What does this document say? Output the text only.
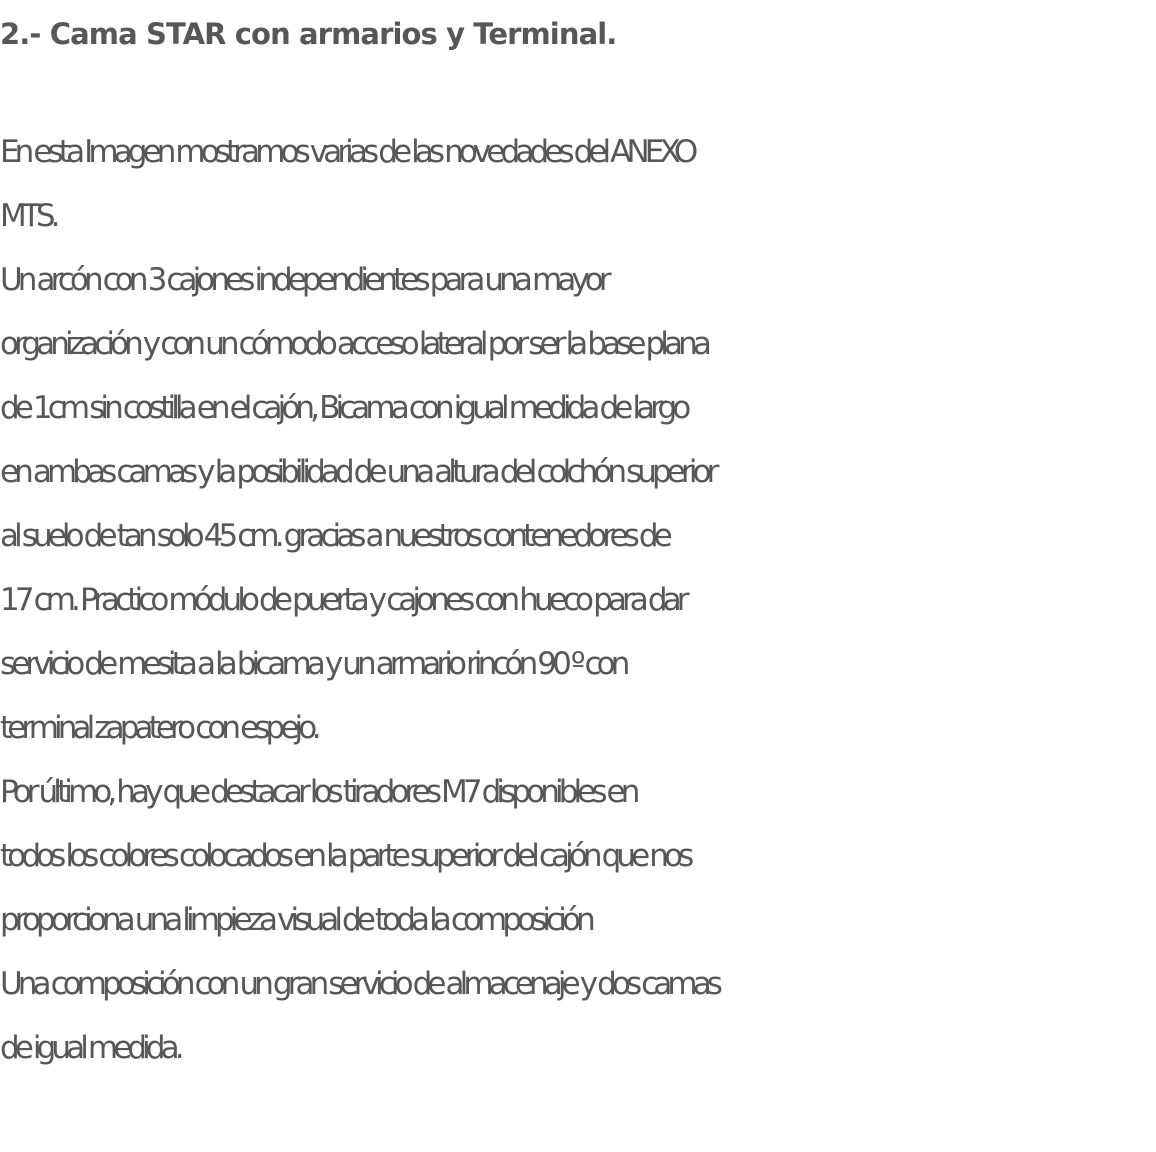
2.- Cama STAR con armarios y Terminal.
En esta Imagen mostramos varias de las novedades del ANEXO
MTS.
Un arcón con 3 cajones independientes para una mayor
organización y con un cómodo acceso lateral por ser la base plana
de 1cm sin costilla en el cajón, Bicama con igual medida de largo
en ambas camas y la posibilidad de una altura del colchón superior
al suelo de tan solo 45 cm. gracias a nuestros contenedores de
17 cm. Practico módulo de puerta y cajones con hueco para dar
servicio de mesita a la bicama y un armario rincón 90 º con
terminal zapatero con espejo.
Por último, hay que destacar los tiradores M7 disponibles en
todos los colores colocados en la parte superior del cajón que nos
proporciona una limpieza visual de toda la composición
Una composición con un gran servicio de almacenaje y dos camas
de igual medida.
